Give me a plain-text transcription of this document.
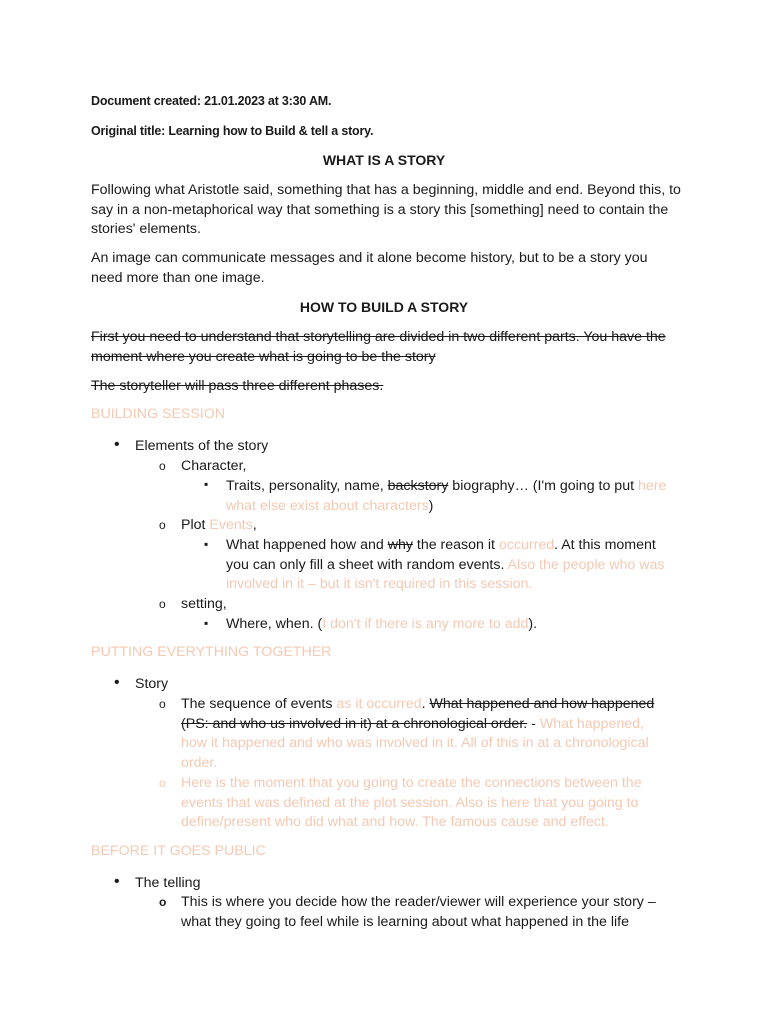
Document created: 21.01.2023 at 3:30 AM.
Original title: Learning how to Build & tell a story.
WHAT IS A STORY
Following what Aristotle said, something that has a beginning, middle and end. Beyond this, to say in a non-metaphorical way that something is a story this [something] need to contain the stories' elements.
An image can communicate messages and it alone become history, but to be a story you need more than one image.
HOW TO BUILD A STORY
First you need to understand that storytelling are divided in two different parts. You have the moment where you create what is going to be the story
The storyteller will pass three different phases.
BUILDING SESSION
• Elements of the story
o Character,
▪ Traits, personality, name, backstory biography… (I'm going to put here what else exist about characters)
o Plot Events,
▪ What happened how and why the reason it occurred. At this moment you can only fill a sheet with random events. Also the people who was involved in it – but it isn't required in this session.
o setting,
▪ Where, when. (I don't if there is any more to add).
PUTTING EVERYTHING TOGETHER
• Story
o The sequence of events as it occurred. What happened and how happened (PS: and who us involved in it) at a chronological order. - What happened, how it happened and who was involved in it. All of this in at a chronological order.
o Here is the moment that you going to create the connections between the events that was defined at the plot session. Also is here that you going to define/present who did what and how. The famous cause and effect.
BEFORE IT GOES PUBLIC
• The telling
o This is where you decide how the reader/viewer will experience your story – what they going to feel while is learning about what happened in the life
